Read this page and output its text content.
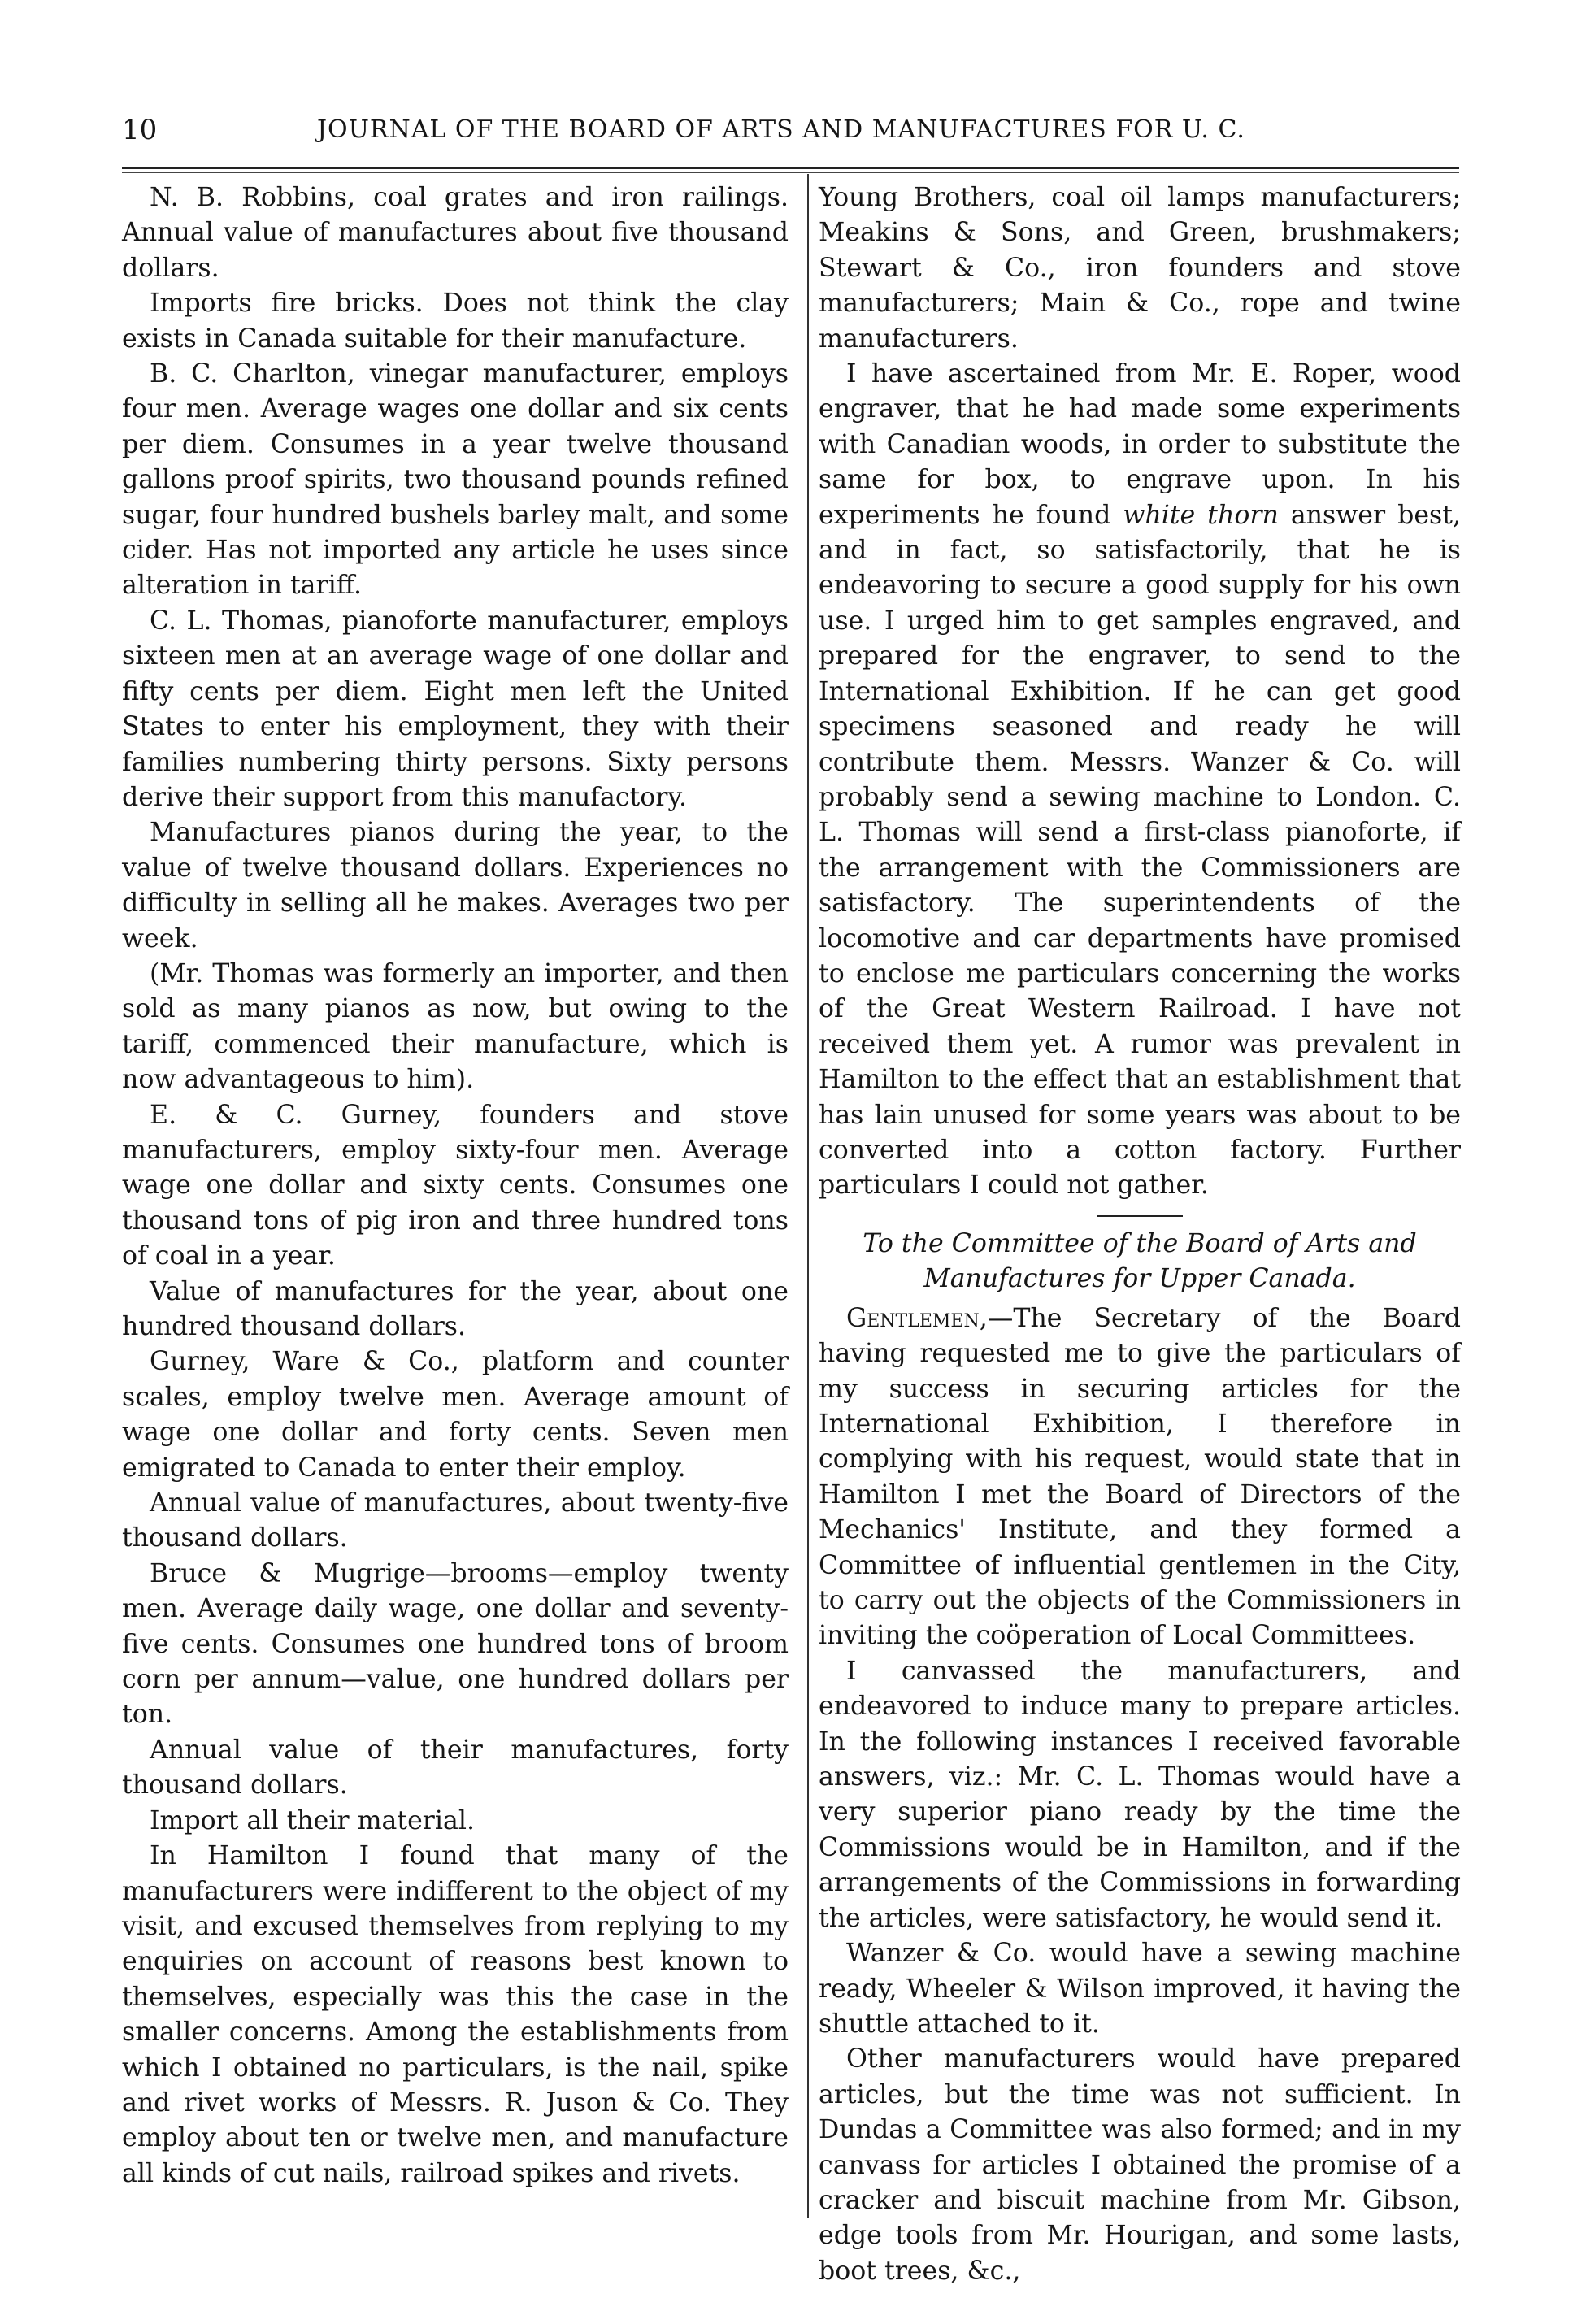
10	JOURNAL OF THE BOARD OF ARTS AND MANUFACTURES FOR U. C.

N. B. Robbins, coal grates and iron railings. Annual value of manufactures about five thousand dollars.

Imports fire bricks. Does not think the clay exists in Canada suitable for their manufacture.

B. C. Charlton, vinegar manufacturer, employs four men. Average wages one dollar and six cents per diem. Consumes in a year twelve thousand gallons proof spirits, two thousand pounds refined sugar, four hundred bushels barley malt, and some cider. Has not imported any article he uses since alteration in tariff.

C. L. Thomas, pianoforte manufacturer, employs sixteen men at an average wage of one dollar and fifty cents per diem. Eight men left the United States to enter his employment, they with their families numbering thirty persons. Sixty persons derive their support from this manufactory.

Manufactures pianos during the year, to the value of twelve thousand dollars. Experiences no difficulty in selling all he makes. Averages two per week.

(Mr. Thomas was formerly an importer, and then sold as many pianos as now, but owing to the tariff, commenced their manufacture, which is now advantageous to him).

E. & C. Gurney, founders and stove manufacturers, employ sixty-four men. Average wage one dollar and sixty cents. Consumes one thousand tons of pig iron and three hundred tons of coal in a year.

Value of manufactures for the year, about one hundred thousand dollars.

Gurney, Ware & Co., platform and counter scales, employ twelve men. Average amount of wage one dollar and forty cents. Seven men emigrated to Canada to enter their employ.

Annual value of manufactures, about twenty-five thousand dollars.

Bruce & Mugrige—brooms—employ twenty men. Average daily wage, one dollar and seventy-five cents. Consumes one hundred tons of broom corn per annum—value, one hundred dollars per ton.

Annual value of their manufactures, forty thousand dollars.

Import all their material.

In Hamilton I found that many of the manufacturers were indifferent to the object of my visit, and excused themselves from replying to my enquiries on account of reasons best known to themselves, especially was this the case in the smaller concerns. Among the establishments from which I obtained no particulars, is the nail, spike and rivet works of Messrs. R. Juson & Co. They employ about ten or twelve men, and manufacture all kinds of cut nails, railroad spikes and rivets.

Young Brothers, coal oil lamps manufacturers; Meakins & Sons, and Green, brushmakers; Stewart & Co., iron founders and stove manufacturers; Main & Co., rope and twine manufacturers.

I have ascertained from Mr. E. Roper, wood engraver, that he had made some experiments with Canadian woods, in order to substitute the same for box, to engrave upon. In his experiments he found white thorn answer best, and in fact, so satisfactorily, that he is endeavoring to secure a good supply for his own use. I urged him to get samples engraved, and prepared for the engraver, to send to the International Exhibition. If he can get good specimens seasoned and ready he will contribute them. Messrs. Wanzer & Co. will probably send a sewing machine to London. C. L. Thomas will send a first-class pianoforte, if the arrangement with the Commissioners are satisfactory. The superintendents of the locomotive and car departments have promised to enclose me particulars concerning the works of the Great Western Railroad. I have not received them yet. A rumor was prevalent in Hamilton to the effect that an establishment that has lain unused for some years was about to be converted into a cotton factory. Further particulars I could not gather.

To the Committee of the Board of Arts and Manufactures for Upper Canada.

Gentlemen,—The Secretary of the Board having requested me to give the particulars of my success in securing articles for the International Exhibition, I therefore in complying with his request, would state that in Hamilton I met the Board of Directors of the Mechanics' Institute, and they formed a Committee of influential gentlemen in the City, to carry out the objects of the Commissioners in inviting the coöperation of Local Committees.

I canvassed the manufacturers, and endeavored to induce many to prepare articles. In the following instances I received favorable answers, viz.: Mr. C. L. Thomas would have a very superior piano ready by the time the Commissions would be in Hamilton, and if the arrangements of the Commissions in forwarding the articles, were satisfactory, he would send it.

Wanzer & Co. would have a sewing machine ready, Wheeler & Wilson improved, it having the shuttle attached to it.

Other manufacturers would have prepared articles, but the time was not sufficient. In Dundas a Committee was also formed; and in my canvass for articles I obtained the promise of a cracker and biscuit machine from Mr. Gibson, edge tools from Mr. Hourigan, and some lasts, boot trees, &c.,
